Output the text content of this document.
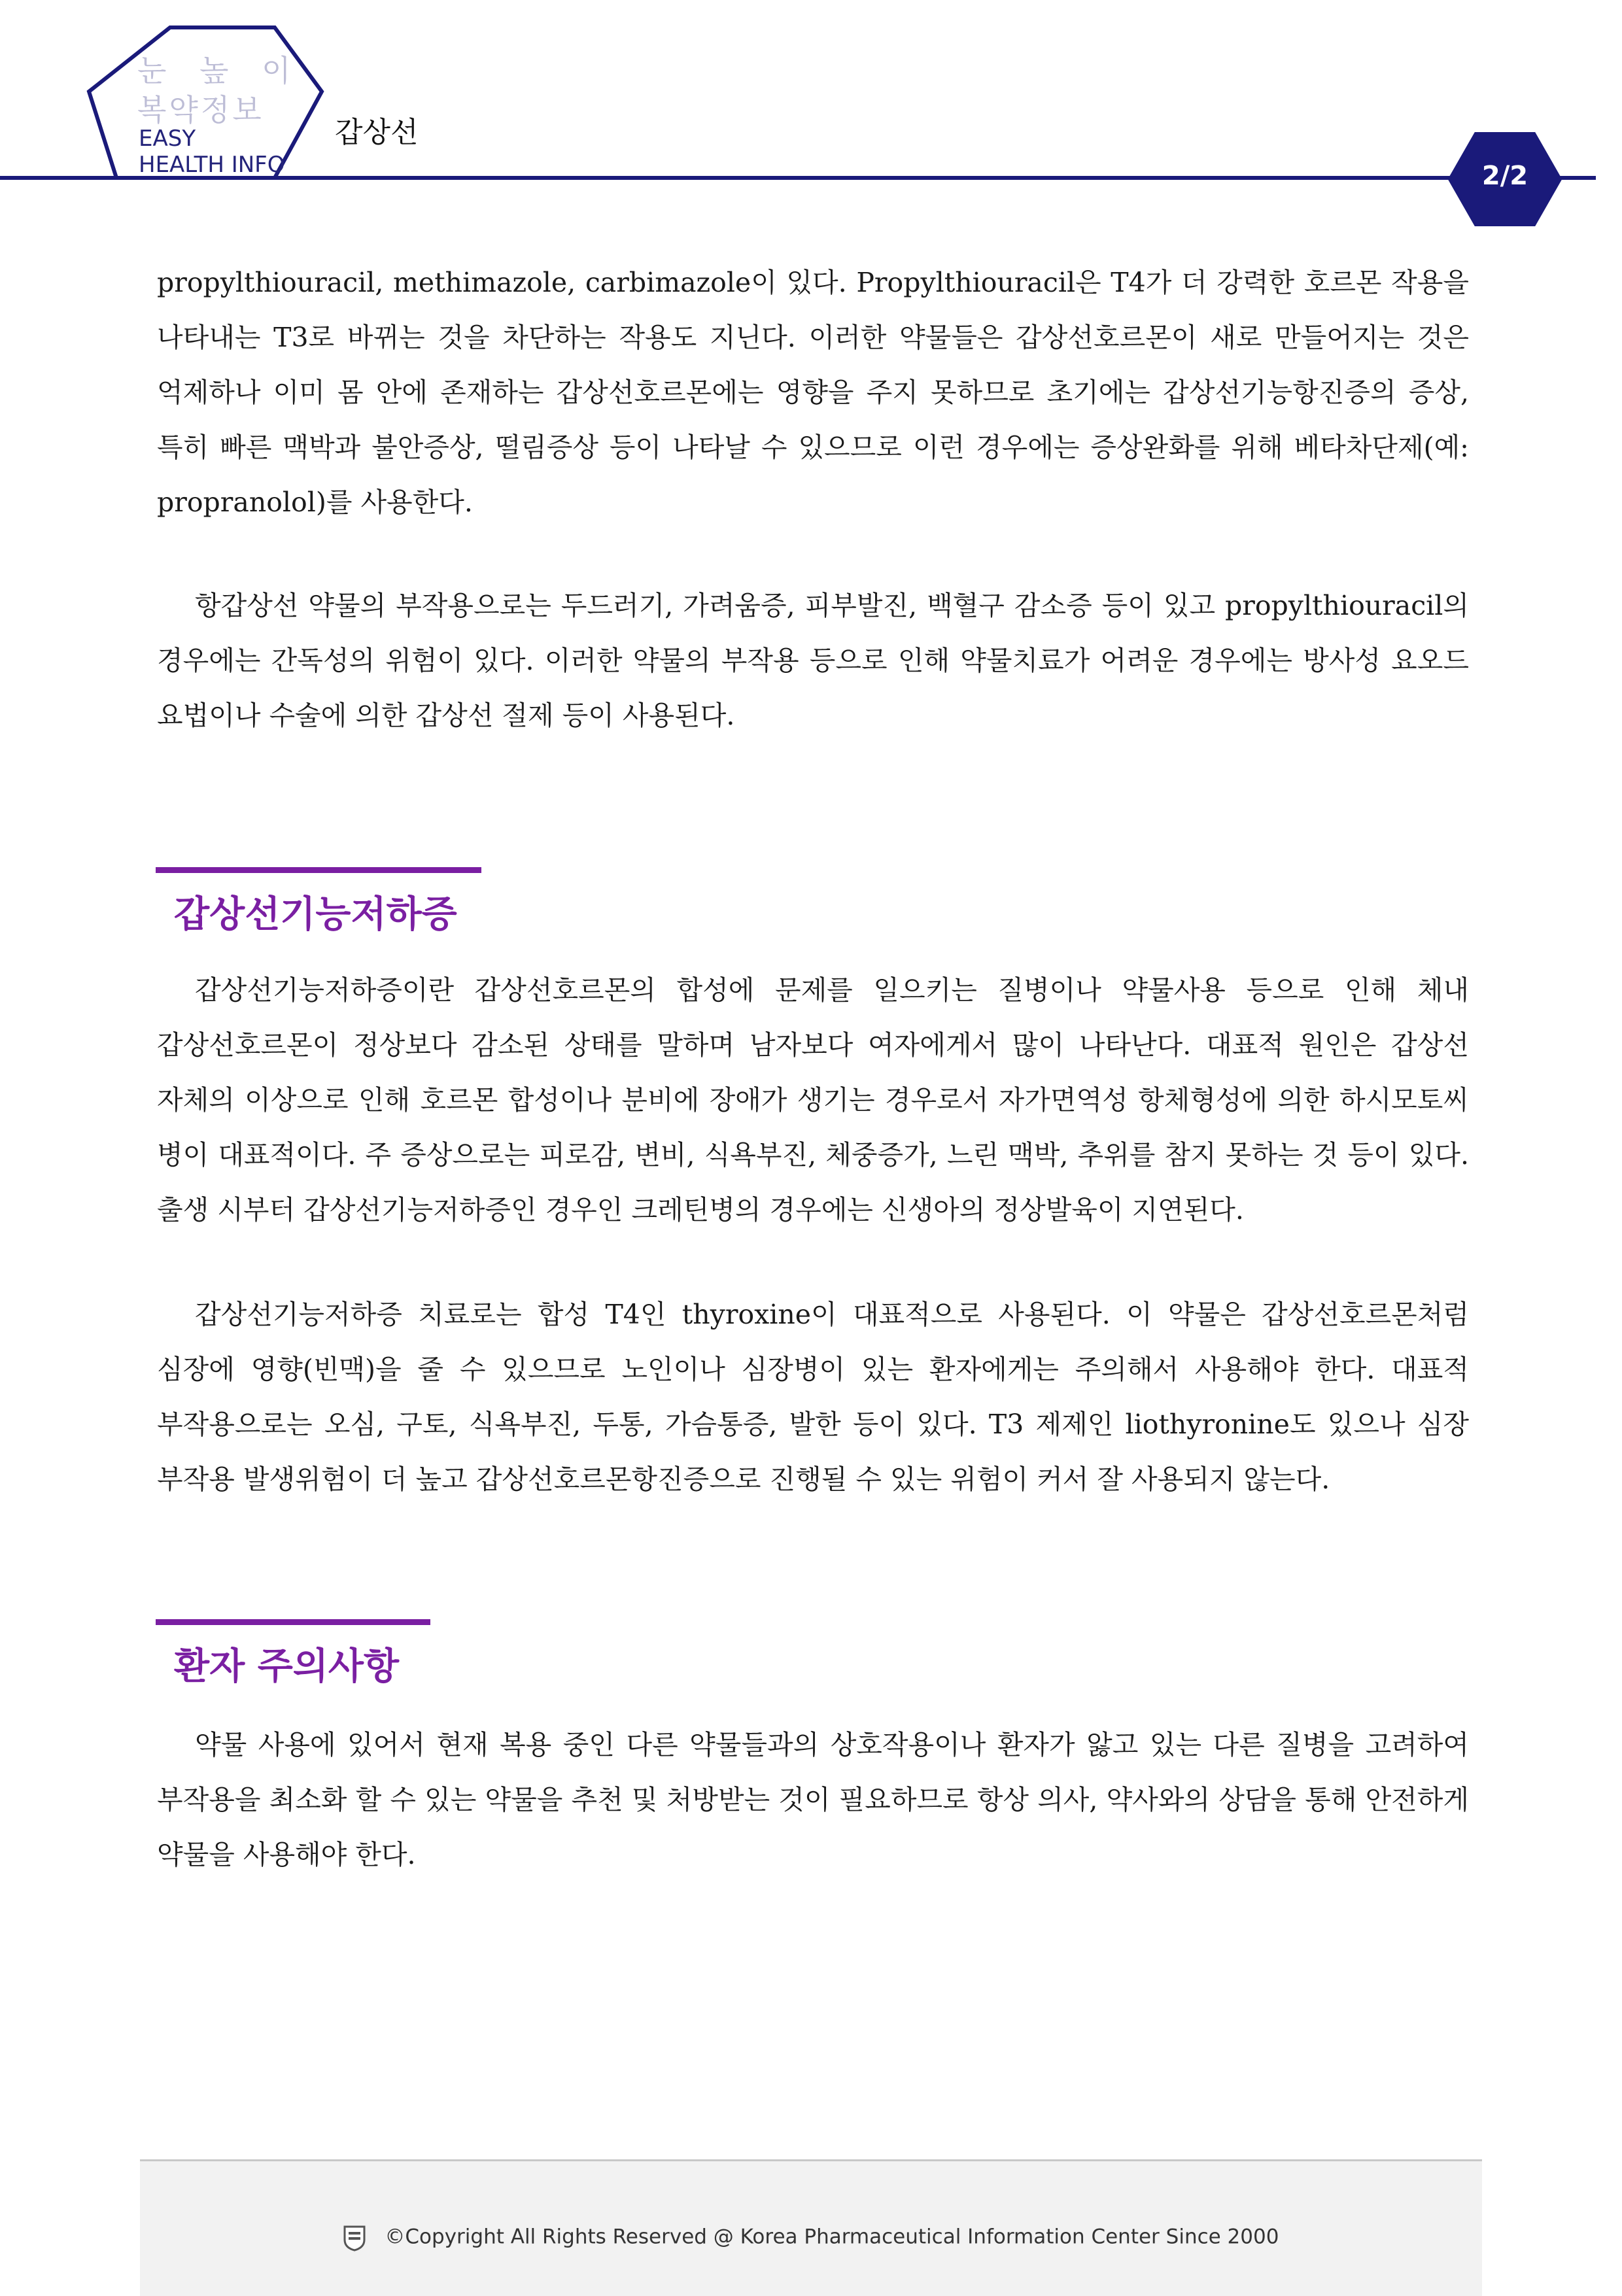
눈 높 이
복약정보
EASY
HEALTH INFO
갑상선
2/2

propylthiouracil, methimazole, carbimazole이 있다. Propylthiouracil은 T4가 더 강력한 호르몬 작용을 나타내는 T3로 바뀌는 것을 차단하는 작용도 지닌다. 이러한 약물들은 갑상선호르몬이 새로 만들어지는 것은 억제하나 이미 몸 안에 존재하는 갑상선호르몬에는 영향을 주지 못하므로 초기에는 갑상선기능항진증의 증상, 특히 빠른 맥박과 불안증상, 떨림증상 등이 나타날 수 있으므로 이런 경우에는 증상완화를 위해 베타차단제(예: propranolol)를 사용한다.

항갑상선 약물의 부작용으로는 두드러기, 가려움증, 피부발진, 백혈구 감소증 등이 있고 propylthiouracil의 경우에는 간독성의 위험이 있다. 이러한 약물의 부작용 등으로 인해 약물치료가 어려운 경우에는 방사성 요오드 요법이나 수술에 의한 갑상선 절제 등이 사용된다.

갑상선기능저하증

갑상선기능저하증이란 갑상선호르몬의 합성에 문제를 일으키는 질병이나 약물사용 등으로 인해 체내 갑상선호르몬이 정상보다 감소된 상태를 말하며 남자보다 여자에게서 많이 나타난다. 대표적 원인은 갑상선 자체의 이상으로 인해 호르몬 합성이나 분비에 장애가 생기는 경우로서 자가면역성 항체형성에 의한 하시모토씨 병이 대표적이다. 주 증상으로는 피로감, 변비, 식욕부진, 체중증가, 느린 맥박, 추위를 참지 못하는 것 등이 있다. 출생 시부터 갑상선기능저하증인 경우인 크레틴병의 경우에는 신생아의 정상발육이 지연된다.

갑상선기능저하증 치료로는 합성 T4인 thyroxine이 대표적으로 사용된다. 이 약물은 갑상선호르몬처럼 심장에 영향(빈맥)을 줄 수 있으므로 노인이나 심장병이 있는 환자에게는 주의해서 사용해야 한다. 대표적 부작용으로는 오심, 구토, 식욕부진, 두통, 가슴통증, 발한 등이 있다. T3 제제인 liothyronine도 있으나 심장 부작용 발생위험이 더 높고 갑상선호르몬항진증으로 진행될 수 있는 위험이 커서 잘 사용되지 않는다.

환자 주의사항

약물 사용에 있어서 현재 복용 중인 다른 약물들과의 상호작용이나 환자가 앓고 있는 다른 질병을 고려하여 부작용을 최소화 할 수 있는 약물을 추천 및 처방받는 것이 필요하므로 항상 의사, 약사와의 상담을 통해 안전하게 약물을 사용해야 한다.

©Copyright All Rights Reserved @ Korea Pharmaceutical Information Center Since 2000
